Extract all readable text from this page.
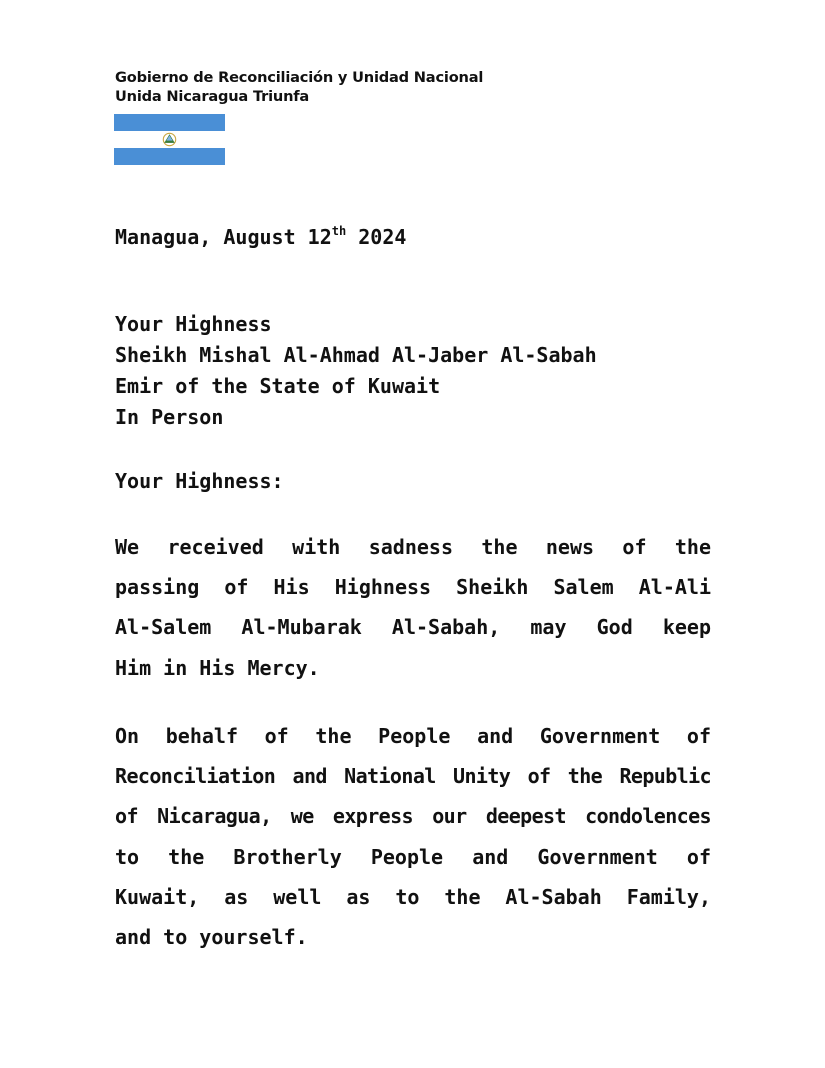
Gobierno de Reconciliación y Unidad Nacional
Unida Nicaragua Triunfa
Managua, August 12th 2024
Your Highness
Sheikh Mishal Al-Ahmad Al-Jaber Al-Sabah
Emir of the State of Kuwait
In Person
Your Highness:
We received with sadness the news of the
passing of His Highness Sheikh Salem Al-Ali
Al-Salem Al-Mubarak Al-Sabah, may God keep
Him in His Mercy.
On behalf of the People and Government of
Reconciliation and National Unity of the Republic
of Nicaragua, we express our deepest condolences
to the Brotherly People and Government of
Kuwait, as well as to the Al-Sabah Family,
and to yourself.
